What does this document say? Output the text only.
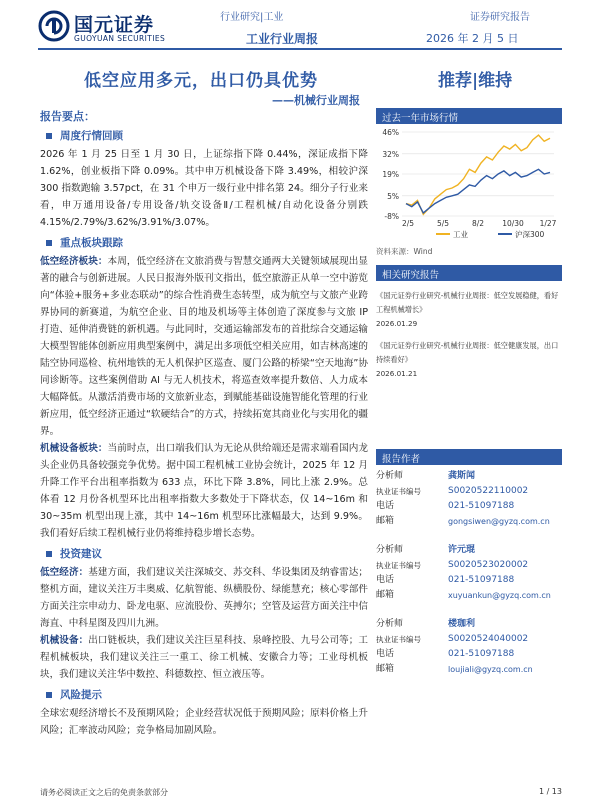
国元证券
GUOYUAN SECURITIES
行业研究|工业	证券研究报告
工业行业周报	2026 年 2 月 5 日
低空应用多元，出口仍具优势	推荐|维持
——机械行业周报
报告要点：
周度行情回顾

2026 年 1 月 25 日至 1 月 30 日，上证综指下降 0.44%，深证成指下降 1.62%，创业板指下降 0.09%。其中申万机械设备下降 3.49%，相较沪深 300 指数跑输 3.57pct，在 31 个申万一级行业中排名第 24。细分子行业来看，申万通用设备/专用设备/轨交设备Ⅱ/工程机械/自动化设备分别跌 4.15%/2.79%/3.62%/3.91%/3.07%。

重点板块跟踪

低空经济板块：本周，低空经济在文旅消费与智慧交通两大关键领域展现出显著的融合与创新进展。人民日报海外版刊文指出，低空旅游正从单一空中游览向“体验+服务+多业态联动”的综合性消费生态转型，成为航空与文旅产业跨界协同的新赛道，为航空企业、目的地及机场等主体创造了深度参与文旅 IP 打造、延伸消费链的新机遇。与此同时，交通运输部发布的首批综合交通运输大模型智能体创新应用典型案例中，满足出多项低空相关应用，如吉林高速的陆空协同巡检、杭州地铁的无人机保护区巡查、厦门公路的桥梁“空天地海”协同诊断等。这些案例借助 AI 与无人机技术，将巡查效率提升数倍、人力成本大幅降低。从激活消费市场的文旅新业态，到赋能基础设施智能化管理的行业新应用，低空经济正通过“软硬结合”的方式，持续拓宽其商业化与实用化的疆界。

机械设备板块：当前时点，出口端我们认为无论从供给端还是需求端看国内龙头企业仍具备较强竞争优势。据中国工程机械工业协会统计，2025 年 12 月升降工作平台出租率指数为 633 点，环比下降 3.8%，同比上涨 2.9%。总体看 12 月份各机型环比出租率指数大多数处于下降状态，仅 14~16m 和 30~35m 机型出现上涨，其中 14~16m 机型环比涨幅最大，达到 9.9%。我们看好后续工程机械行业仍将维持稳步增长态势。

投资建议

低空经济：基建方面，我们建议关注深城交、苏交科、华设集团及纳睿雷达；整机方面，建议关注万丰奥威、亿航智能、纵横股份、绿能慧充；核心零部件方面关注宗申动力、卧龙电驱、应流股份、英搏尔；空管及运营方面关注中信海直、中科星图及四川九洲。

机械设备：出口链板块，我们建议关注巨星科技、泉峰控股、九号公司等；工程机械板块，我们建议关注三一重工、徐工机械、安徽合力等；工业母机板块，我们建议关注华中数控、科德数控、恒立液压等。

风险提示

全球宏观经济增长不及预期风险；企业经营状况低于预期风险；原料价格上升风险；汇率波动风险；竞争格局加剧风险。

过去一年市场行情
-8%
5%
19%
32%
46%
2/5	5/5	8/2 10/30 1/27
工业	沪深300
资料来源：Wind
相关研究报告
《国元证券行业研究-机械行业周报：低空发展稳健，看好工程机械增长》
2026.01.29
《国元证券行业研究-机械行业周报：低空健康发展，出口持续看好》
2026.01.21
报告作者
分析师	龚斯闻
执业证书编号	S0020522110002
电话	021-51097188
邮箱	gongsiwen@gyzq.com.cn
分析师	许元琨
执业证书编号	S0020523020002
电话	021-51097188
邮箱	xuyuankun@gyzq.com.cn
分析师	楼珈利
执业证书编号	S0020524040002
电话	021-51097188
邮箱	loujiali@gyzq.com.cn
请务必阅读正文之后的免责条款部分	1 / 13
